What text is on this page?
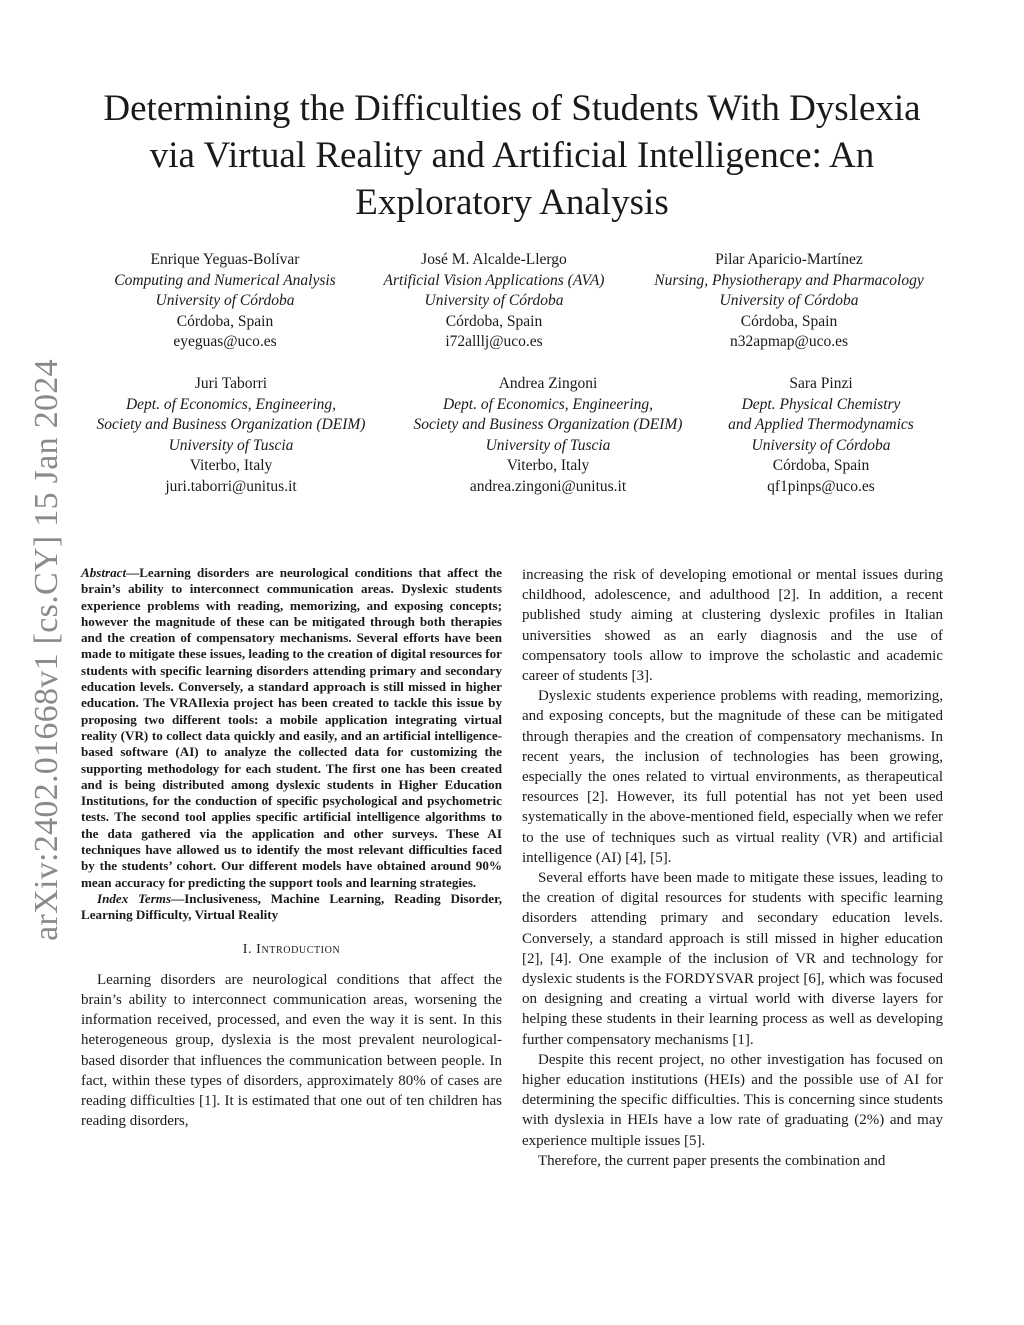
arXiv:2402.01668v1 [cs.CY] 15 Jan 2024
Determining the Difficulties of Students With Dyslexia via Virtual Reality and Artificial Intelligence: An Exploratory Analysis
Enrique Yeguas-Bolívar
Computing and Numerical Analysis
University of Córdoba
Córdoba, Spain
eyeguas@uco.es
José M. Alcalde-Llergo
Artificial Vision Applications (AVA)
University of Córdoba
Córdoba, Spain
i72alllj@uco.es
Pilar Aparicio-Martínez
Nursing, Physiotherapy and Pharmacology
University of Córdoba
Córdoba, Spain
n32apmap@uco.es
Juri Taborri
Dept. of Economics, Engineering,
Society and Business Organization (DEIM)
University of Tuscia
Viterbo, Italy
juri.taborri@unitus.it
Andrea Zingoni
Dept. of Economics, Engineering,
Society and Business Organization (DEIM)
University of Tuscia
Viterbo, Italy
andrea.zingoni@unitus.it
Sara Pinzi
Dept. Physical Chemistry
and Applied Thermodynamics
University of Córdoba
Córdoba, Spain
qf1pinps@uco.es

Abstract—Learning disorders are neurological conditions that affect the brain’s ability to interconnect communication areas. Dyslexic students experience problems with reading, memorizing, and exposing concepts; however the magnitude of these can be mitigated through both therapies and the creation of compensatory mechanisms. Several efforts have been made to mitigate these issues, leading to the creation of digital resources for students with specific learning disorders attending primary and secondary education levels. Conversely, a standard approach is still missed in higher education. The VRAIlexia project has been created to tackle this issue by proposing two different tools: a mobile application integrating virtual reality (VR) to collect data quickly and easily, and an artificial intelligence-based software (AI) to analyze the collected data for customizing the supporting methodology for each student. The first one has been created and is being distributed among dyslexic students in Higher Education Institutions, for the conduction of specific psychological and psychometric tests. The second tool applies specific artificial intelligence algorithms to the data gathered via the application and other surveys. These AI techniques have allowed us to identify the most relevant difficulties faced by the students’ cohort. Our different models have obtained around 90% mean accuracy for predicting the support tools and learning strategies.

Index Terms—Inclusiveness, Machine Learning, Reading Disorder, Learning Difficulty, Virtual Reality

I. Introduction

Learning disorders are neurological conditions that affect the brain’s ability to interconnect communication areas, worsening the information received, processed, and even the way it is sent. In this heterogeneous group, dyslexia is the most prevalent neurological-based disorder that influences the communication between people. In fact, within these types of disorders, approximately 80% of cases are reading difficulties [1]. It is estimated that one out of ten children has reading disorders,

increasing the risk of developing emotional or mental issues during childhood, adolescence, and adulthood [2]. In addition, a recent published study aiming at clustering dyslexic profiles in Italian universities showed as an early diagnosis and the use of compensatory tools allow to improve the scholastic and academic career of students [3].

Dyslexic students experience problems with reading, memorizing, and exposing concepts, but the magnitude of these can be mitigated through therapies and the creation of compensatory mechanisms. In recent years, the inclusion of technologies has been growing, especially the ones related to virtual environments, as therapeutical resources [2]. However, its full potential has not yet been used systematically in the above-mentioned field, especially when we refer to the use of techniques such as virtual reality (VR) and artificial intelligence (AI) [4], [5].

Several efforts have been made to mitigate these issues, leading to the creation of digital resources for students with specific learning disorders attending primary and secondary education levels. Conversely, a standard approach is still missed in higher education [2], [4]. One example of the inclusion of VR and technology for dyslexic students is the FORDYSVAR project [6], which was focused on designing and creating a virtual world with diverse layers for helping these students in their learning process as well as developing further compensatory mechanisms [1].

Despite this recent project, no other investigation has focused on higher education institutions (HEIs) and the possible use of AI for determining the specific difficulties. This is concerning since students with dyslexia in HEIs have a low rate of graduating (2%) and may experience multiple issues [5].

Therefore, the current paper presents the combination and
